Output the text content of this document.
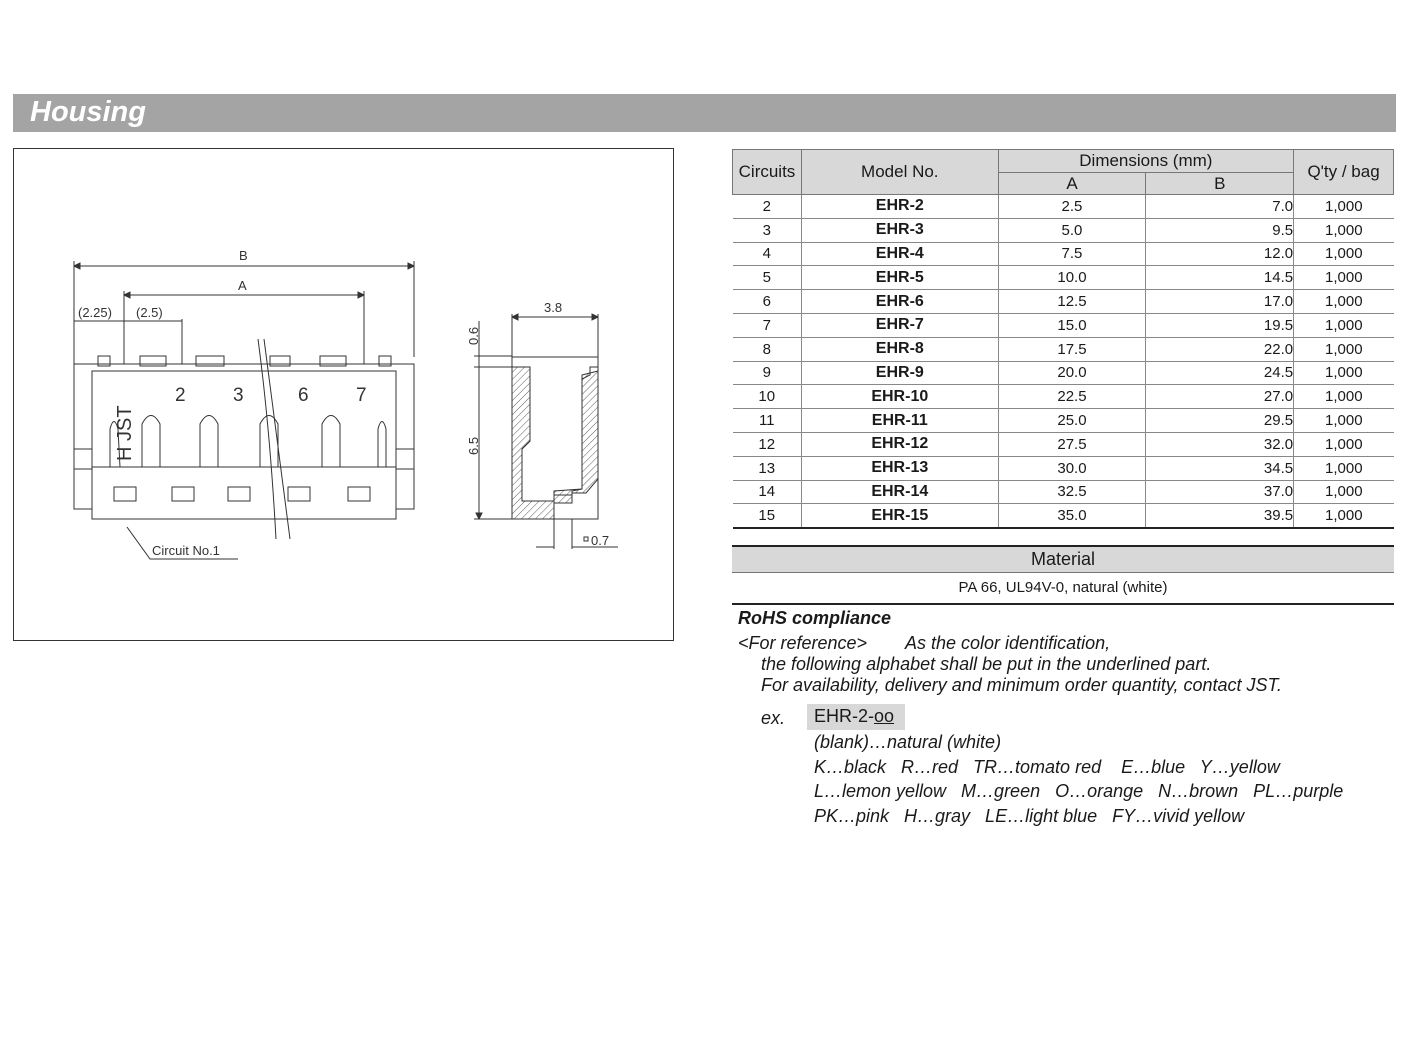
Housing
B
A
(2.25) (2.5)
H JST
2 3	6 7
Circuit No.1
3.8
0.6
6.5
0.7
Circuits	Model No.	Dimensions (mm)		Q'ty / bag
		A	B	
2	EHR-2	2.5	7.0	1,000
3	EHR-3	5.0	9.5	1,000
4	EHR-4	7.5	12.0	1,000
5	EHR-5	10.0	14.5	1,000
6	EHR-6	12.5	17.0	1,000
7	EHR-7	15.0	19.5	1,000
8	EHR-8	17.5	22.0	1,000
9	EHR-9	20.0	24.5	1,000
10	EHR-10	22.5	27.0	1,000
11	EHR-11	25.0	29.5	1,000
12	EHR-12	27.5	32.0	1,000
13	EHR-13	30.0	34.5	1,000
14	EHR-14	32.5	37.0	1,000
15	EHR-15	35.0	39.5	1,000
Material
PA 66, UL94V-0, natural (white)
RoHS compliance
<For reference> As the color identification,
the following alphabet shall be put in the underlined part.
For availability, delivery and minimum order quantity, contact JST.
ex. EHR-2-oo
(blank)…natural (white)
K…black   R…red   TR…tomato red    E…blue   Y…yellow
L…lemon yellow   M…green   O…orange   N…brown   PL…purple
PK…pink   H…gray   LE…light blue   FY…vivid yellow
